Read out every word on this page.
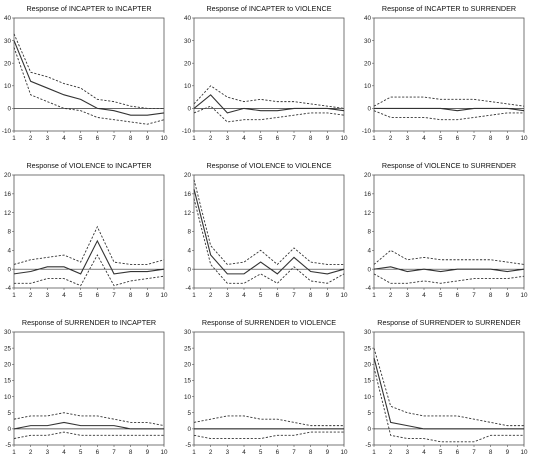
Response of INCAPTER to INCAPTER
-10
0
10
20
30
40
1 2 3 4 5 6 7 8 9 10
Response of INCAPTER to VIOLENCE
-10
0
10
20
30
40
1 2 3 4 5 6 7 8 9 10
Response of INCAPTER to SURRENDER
-10
0
10
20
30
40
1 2 3 4 5 6 7 8 9 10
Response of VIOLENCE to INCAPTER
-4
0
4
8
12
16
20
1 2 3 4 5 6 7 8 9 10
Response of VIOLENCE to VIOLENCE
-4
0
4
8
12
16
20
1 2 3 4 5 6 7 8 9 10
Response of VIOLENCE to SURRENDER
-4
0
4
8
12
16
20
1 2 3 4 5 6 7 8 9 10
Response of SURRENDER to INCAPTER
-5
0
5
10
15
20
25
30
1 2 3 4 5 6 7 8 9 10
Response of SURRENDER to VIOLENCE
-5
0
5
10
15
20
25
30
1 2 3 4 5 6 7 8 9 10
Response of SURRENDER to SURRENDER
-5
0
5
10
15
20
25
30
1 2 3 4 5 6 7 8 9 10
